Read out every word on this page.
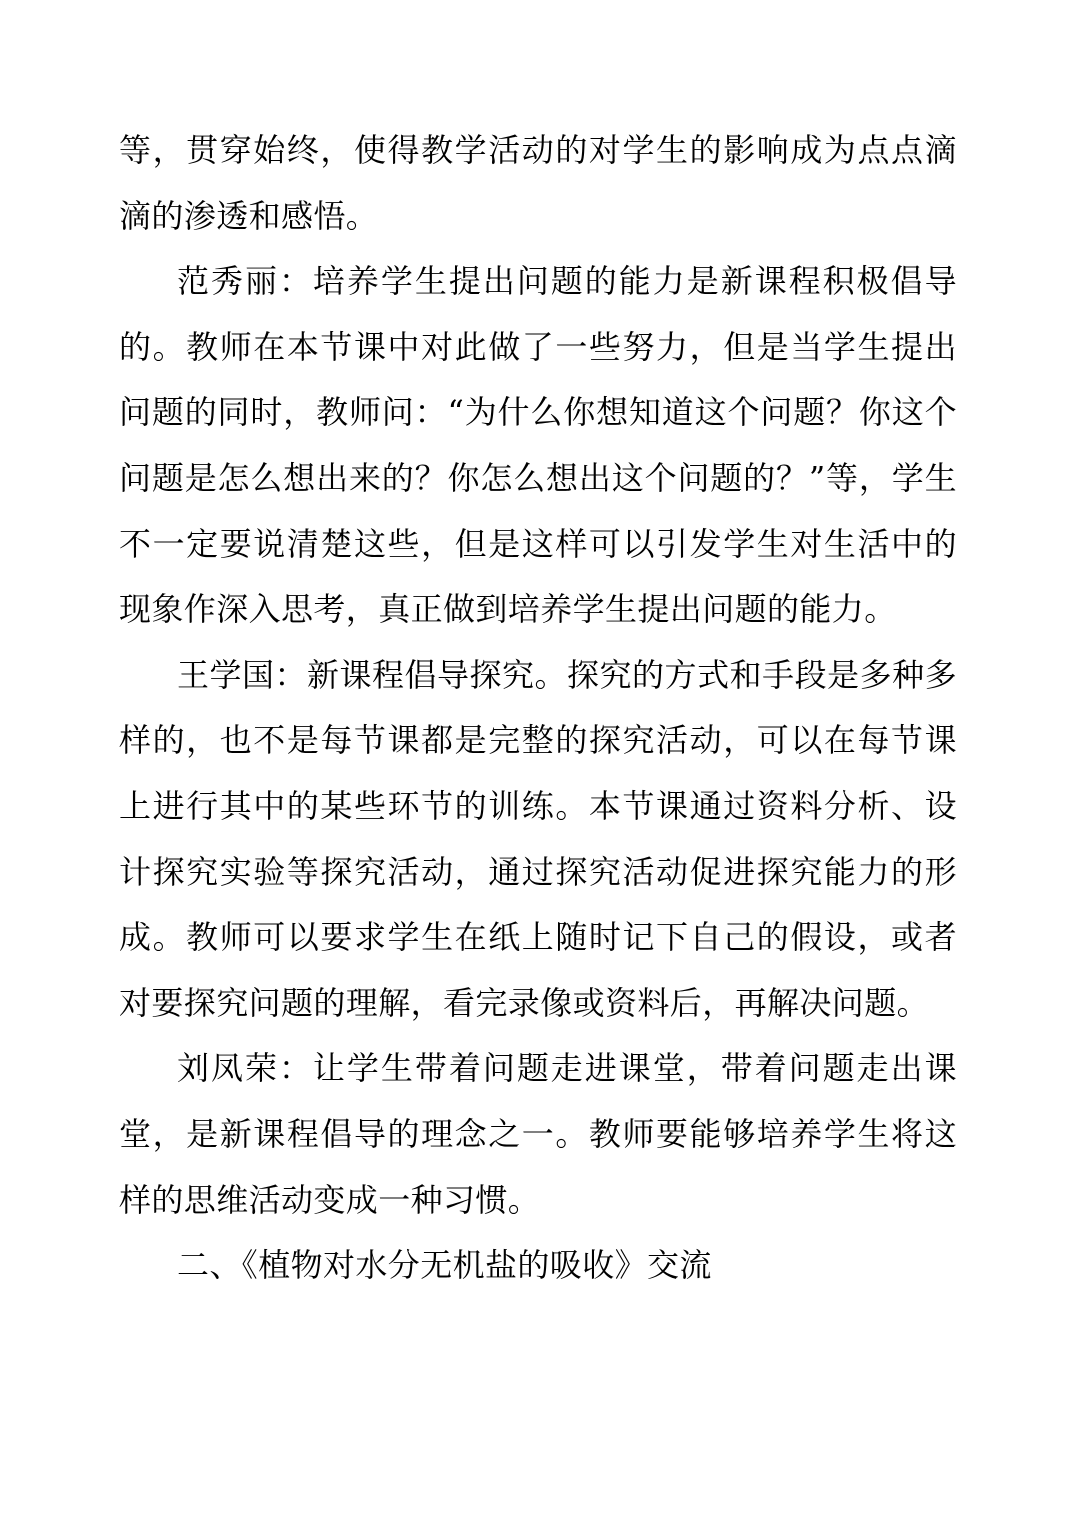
等，贯穿始终，使得教学活动的对学生的影响成为点点滴滴的渗透和感悟。

范秀丽：培养学生提出问题的能力是新课程积极倡导的。教师在本节课中对此做了一些努力，但是当学生提出问题的同时，教师问：“为什么你想知道这个问题？你这个问题是怎么想出来的？你怎么想出这个问题的？”等，学生不一定要说清楚这些，但是这样可以引发学生对生活中的现象作深入思考，真正做到培养学生提出问题的能力。

王学国：新课程倡导探究。探究的方式和手段是多种多样的，也不是每节课都是完整的探究活动，可以在每节课上进行其中的某些环节的训练。本节课通过资料分析、设计探究实验等探究活动，通过探究活动促进探究能力的形成。教师可以要求学生在纸上随时记下自己的假设，或者对要探究问题的理解，看完录像或资料后，再解决问题。

刘凤荣：让学生带着问题走进课堂，带着问题走出课堂，是新课程倡导的理念之一。教师要能够培养学生将这样的思维活动变成一种习惯。

二、《植物对水分无机盐的吸收》交流
